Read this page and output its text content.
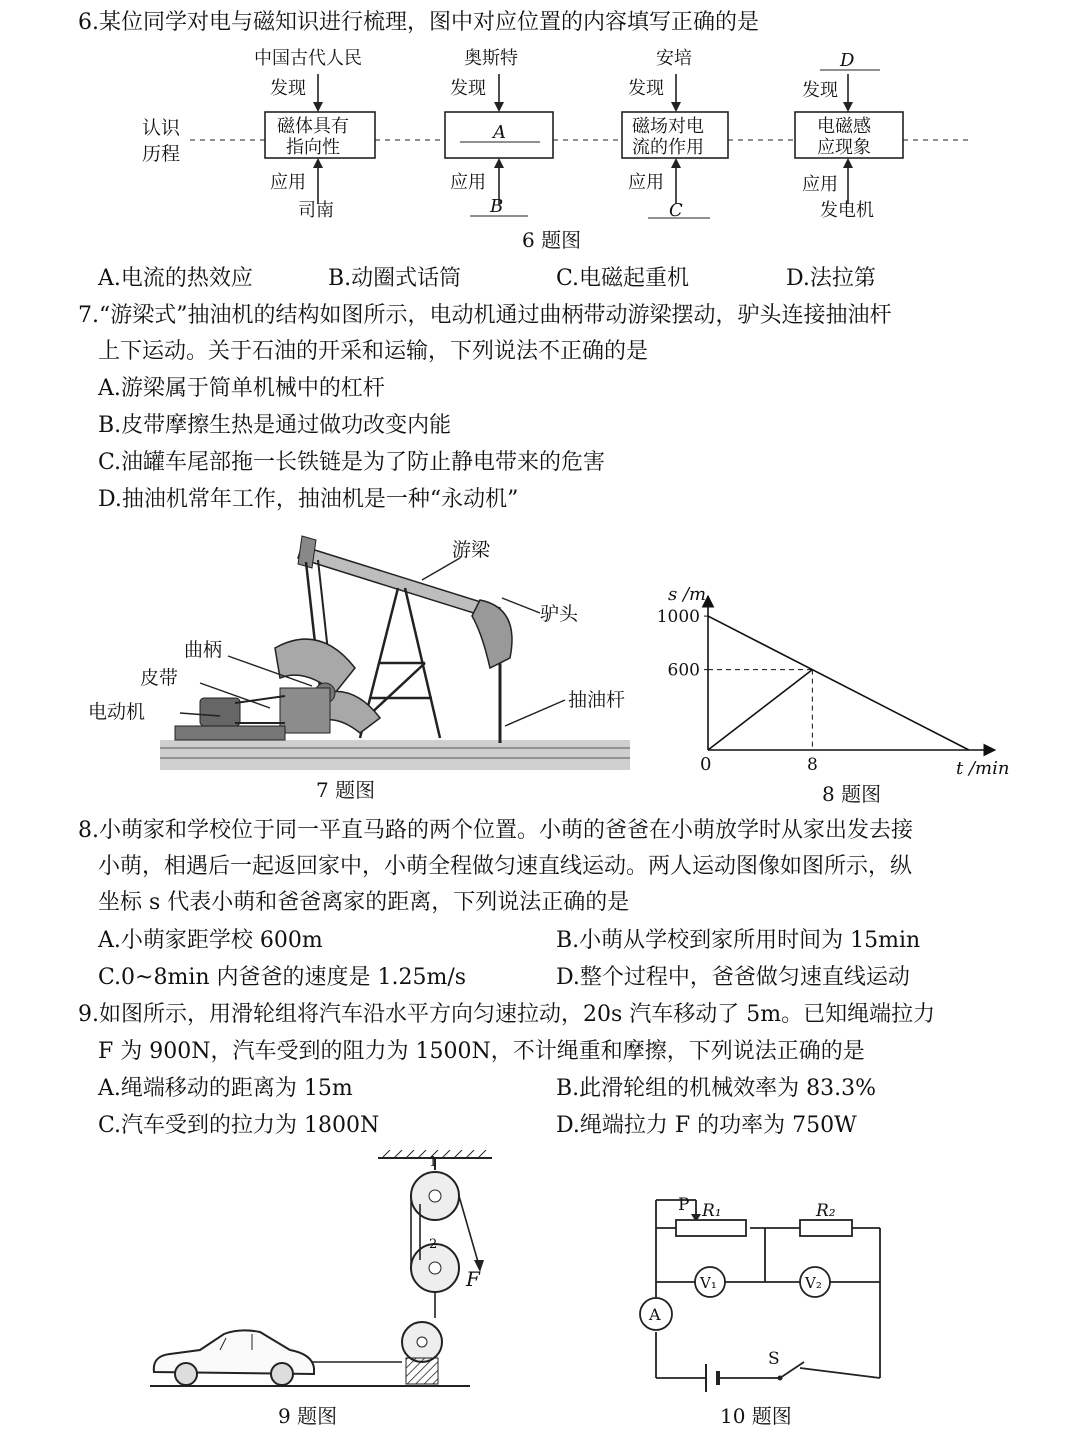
6.某位同学对电与磁知识进行梳理，图中对应位置的内容填写正确的是
认识
历程
中国古代人民	奥斯特	安培	D
发现	发现	发现	发现
磁体具有
指向性
A	磁场对电
流的作用
电磁感
应现象
应用	应用	应用	应用
司南	B	C	发电机
6 题图
A.电流的热效应	B.动圈式话筒	C.电磁起重机	D.法拉第
7.“游梁式”抽油机的结构如图所示，电动机通过曲柄带动游梁摆动，驴头连接抽油杆
上下运动。关于石油的开采和运输，下列说法不正确的是
A.游梁属于简单机械中的杠杆
B.皮带摩擦生热是通过做功改变内能
C.油罐车尾部拖一长铁链是为了防止静电带来的危害
D.抽油机常年工作，抽油机是一种“永动机”
游梁
驴头
曲柄
皮带
电动机
抽油杆
7 题图
s /m
t /min
0
600
1000
8
8 题图
8.小萌家和学校位于同一平直马路的两个位置。小萌的爸爸在小萌放学时从家出发去接
小萌，相遇后一起返回家中，小萌全程做匀速直线运动。两人运动图像如图所示，纵
坐标 s 代表小萌和爸爸离家的距离，下列说法正确的是
A.小萌家距学校 600m	B.小萌从学校到家所用时间为 15min
C.0~8min 内爸爸的速度是 1.25m/s	D.整个过程中，爸爸做匀速直线运动
9.如图所示，用滑轮组将汽车沿水平方向匀速拉动，20s 汽车移动了 5m。已知绳端拉力
F 为 900N，汽车受到的阻力为 1500N，不计绳重和摩擦，下列说法正确的是
A.绳端移动的距离为 15m	B.此滑轮组的机械效率为 83.3%
C.汽车受到的拉力为 1800N	D.绳端拉力 F 的功率为 750W
1
2
F
9 题图
P R₁	R₂
V₁	V₂
A
S
10 题图
